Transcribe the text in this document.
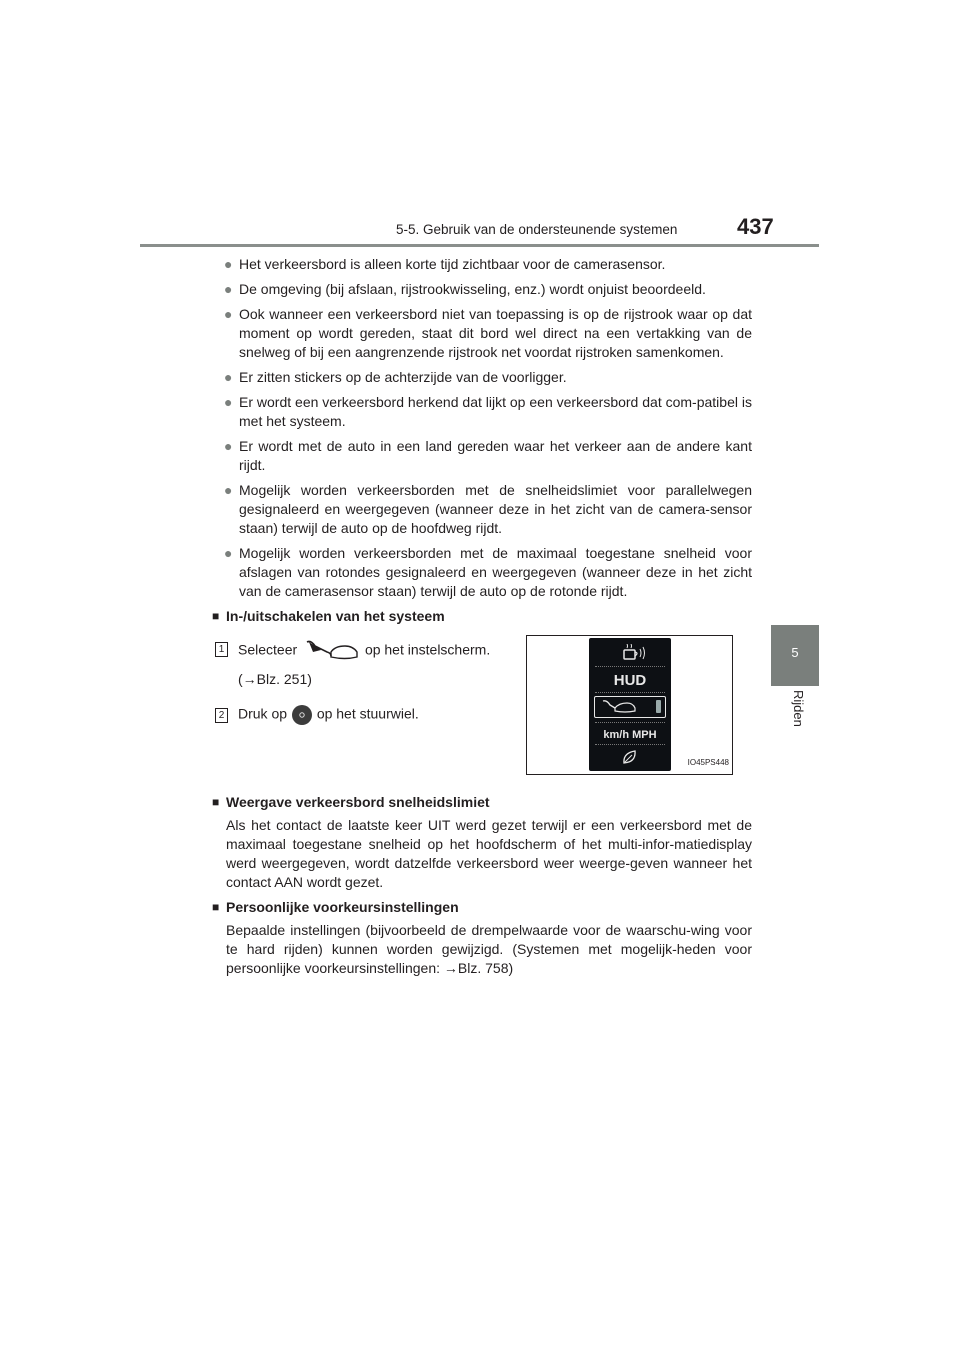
5-5. Gebruik van de ondersteunende systemen	437
5
Rijden
● Het verkeersbord is alleen korte tijd zichtbaar voor de camerasensor.
● De omgeving (bij afslaan, rijstrookwisseling, enz.) wordt onjuist beoordeeld.
● Ook wanneer een verkeersbord niet van toepassing is op de rijstrook waar op dat moment op wordt gereden, staat dit bord wel direct na een vertakking van de snelweg of bij een aangrenzende rijstrook net voordat rijstroken samenkomen.
● Er zitten stickers op de achterzijde van de voorligger.
● Er wordt een verkeersbord herkend dat lijkt op een verkeersbord dat com-patibel is met het systeem.
● Er wordt met de auto in een land gereden waar het verkeer aan de andere kant rijdt.
● Mogelijk worden verkeersborden met de snelheidslimiet voor parallelwegen gesignaleerd en weergegeven (wanneer deze in het zicht van de camera-sensor staan) terwijl de auto op de hoofdweg rijdt.
● Mogelijk worden verkeersborden met de maximaal toegestane snelheid voor afslagen van rotondes gesignaleerd en weergegeven (wanneer deze in het zicht van de camerasensor staan) terwijl de auto op de rotonde rijdt.
■ In-/uitschakelen van het systeem
1 Selecteer	op het instelscherm.
(→Blz. 251)
2 Druk op op het stuurwiel.
HUD
km/h MPH
IO45PS448
■ Weergave verkeersbord snelheidslimiet
Als het contact de laatste keer UIT werd gezet terwijl er een verkeersbord met de maximaal toegestane snelheid op het hoofdscherm of het multi-infor-matiedisplay werd weergegeven, wordt datzelfde verkeersbord weer weerge-geven wanneer het contact AAN wordt gezet.
■ Persoonlijke voorkeursinstellingen
Bepaalde instellingen (bijvoorbeeld de drempelwaarde voor de waarschu-wing voor te hard rijden) kunnen worden gewijzigd. (Systemen met mogelijk-heden voor persoonlijke voorkeursinstellingen: →Blz. 758)
